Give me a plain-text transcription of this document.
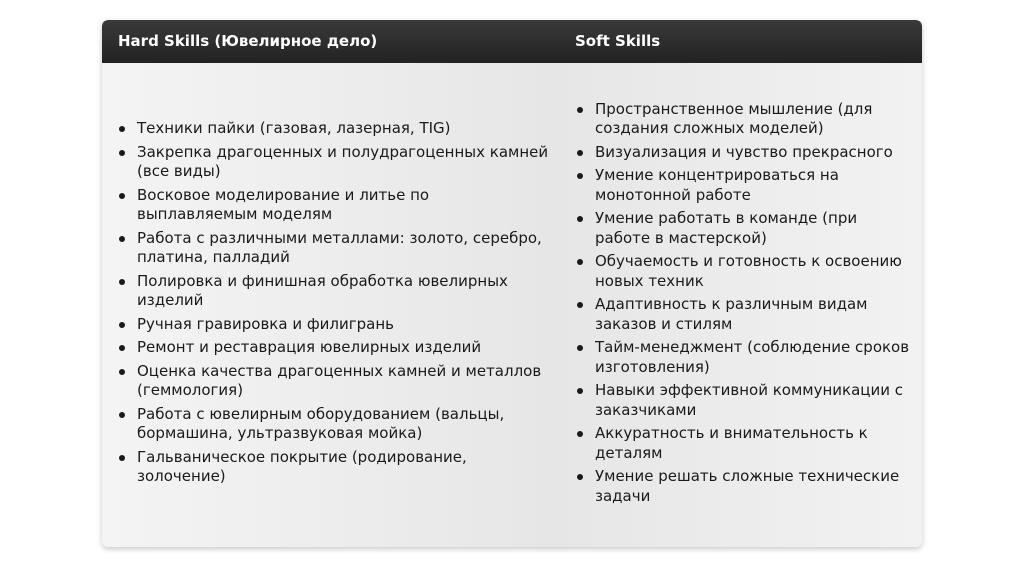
Hard Skills (Ювелирное дело)	Soft Skills
Техники пайки (газовая, лазерная, TIG)
Закрепка драгоценных и полудрагоценных камней (все виды)
Восковое моделирование и литье по выплавляемым моделям
Работа с различными металлами: золото, серебро, платина, палладий
Полировка и финишная обработка ювелирных изделий
Ручная гравировка и филигрань
Ремонт и реставрация ювелирных изделий
Оценка качества драгоценных камней и металлов (геммология)
Работа с ювелирным оборудованием (вальцы, бормашина, ультразвуковая мойка)
Гальваническое покрытие (родирование, золочение)
Пространственное мышление (для создания сложных моделей)
Визуализация и чувство прекрасного
Умение концентрироваться на монотонной работе
Умение работать в команде (при работе в мастерской)
Обучаемость и готовность к освоению новых техник
Адаптивность к различным видам заказов и стилям
Тайм-менеджмент (соблюдение сроков изготовления)
Навыки эффективной коммуникации с заказчиками
Аккуратность и внимательность к деталям
Умение решать сложные технические задачи
